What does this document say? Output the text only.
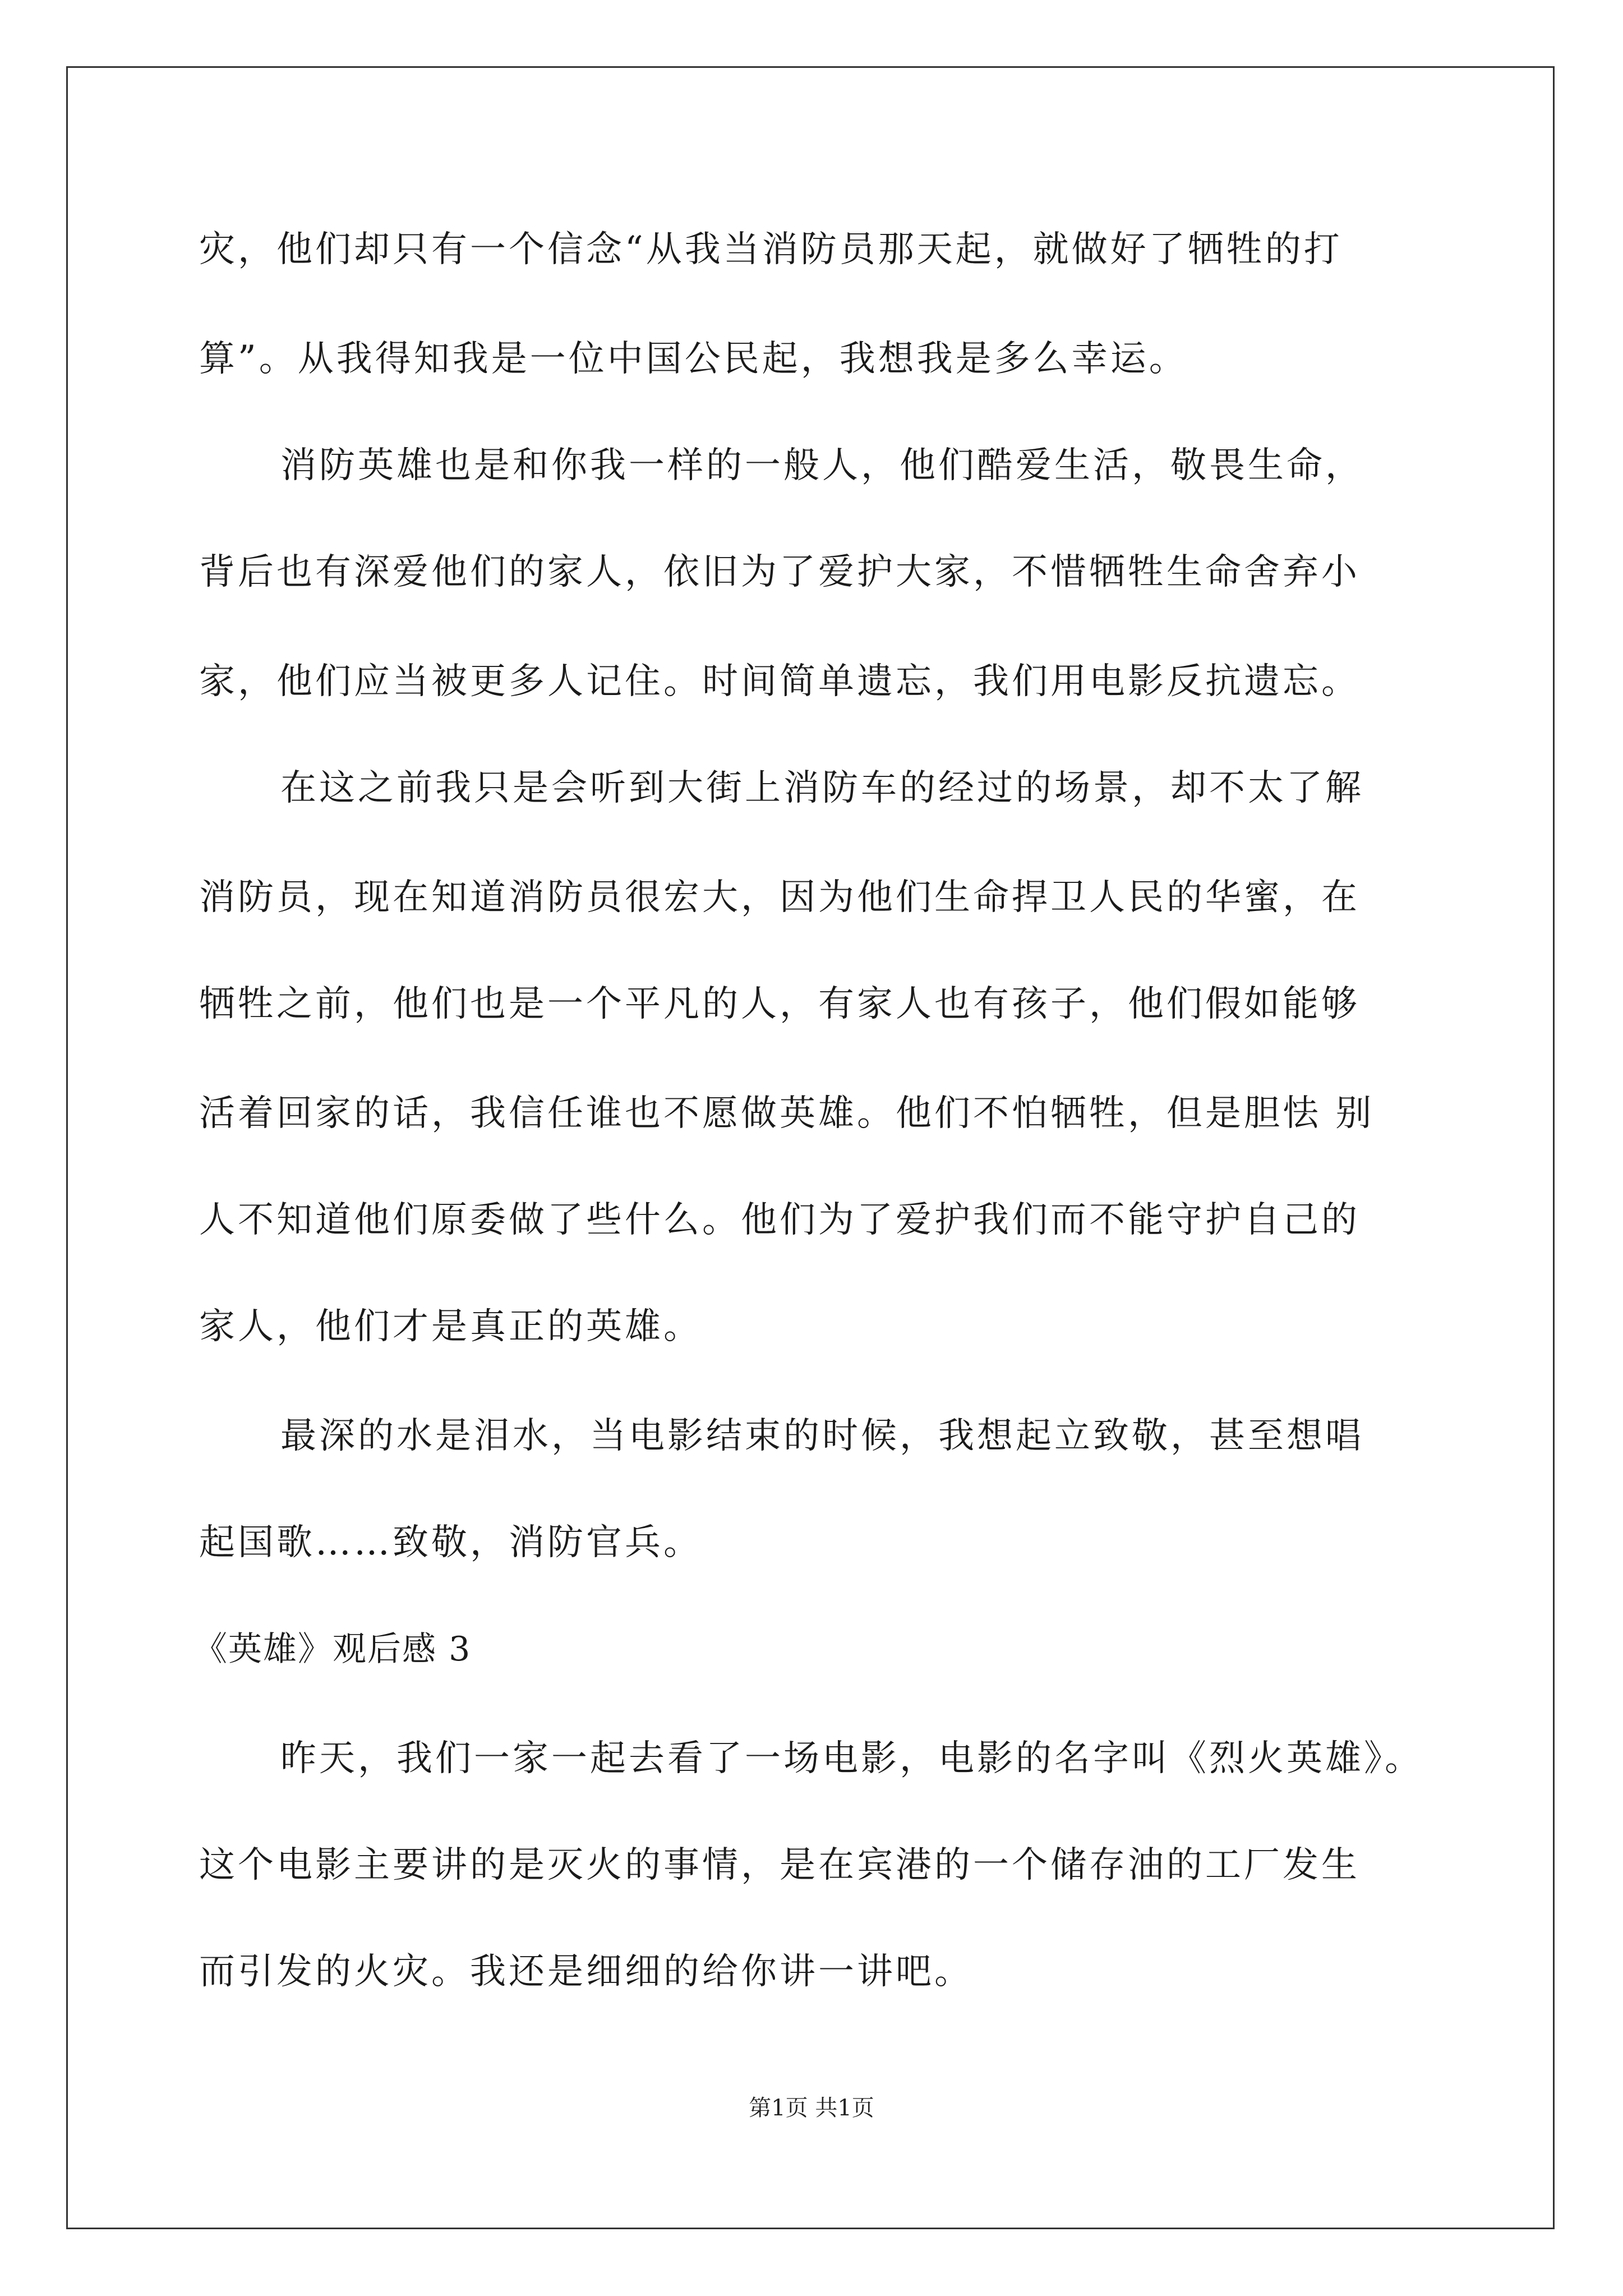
灾，他们却只有一个信念“从我当消防员那天起，就做好了牺牲的打
算”。从我得知我是一位中国公民起，我想我是多么幸运。
消防英雄也是和你我一样的一般人，他们酷爱生活，敬畏生命，
背后也有深爱他们的家人，依旧为了爱护大家，不惜牺牲生命舍弃小
家，他们应当被更多人记住。时间简单遗忘，我们用电影反抗遗忘。
在这之前我只是会听到大街上消防车的经过的场景，却不太了解
消防员，现在知道消防员很宏大，因为他们生命捍卫人民的华蜜，在
牺牲之前，他们也是一个平凡的人，有家人也有孩子，他们假如能够
活着回家的话，我信任谁也不愿做英雄。他们不怕牺牲，但是胆怯 别
人不知道他们原委做了些什么。他们为了爱护我们而不能守护自己的
家人，他们才是真正的英雄。
最深的水是泪水，当电影结束的时候，我想起立致敬，甚至想唱
起国歌……致敬，消防官兵。
《英雄》观后感 3
昨天，我们一家一起去看了一场电影，电影的名字叫《烈火英雄》。
这个电影主要讲的是灭火的事情，是在宾港的一个储存油的工厂发生
而引发的火灾。我还是细细的给你讲一讲吧。
第1页 共1页
